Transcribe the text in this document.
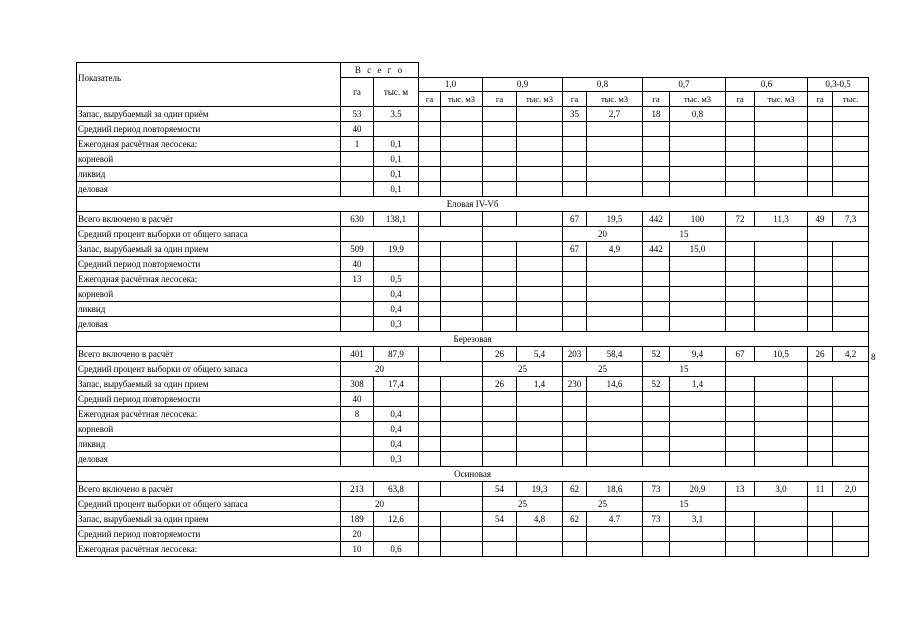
Показатель	В с е г о													
	га	тыс. м	1,0		0,9		0,8		0,7		0,6		0,3-0,5	
			га	тыс. м3	га	тыс. м3	га	тыс. м3	га	тыс. м3	га	тыс. м3	га	тыс.
Запас, вырубаемый за один приём	53	3.5					35	2,7	18	0,8				
Средний период повторяемости	40													
Ежегодная расчётная лесосека:	1	0,1												
корневой		0,1												
ликвид		0,1												
деловая		0,1												
Еловая IV-Vб														
Всего включено в расчёт	630	138,1					67	19,5	442	100	72	11,3	49	7,3
Средний процент выборки от общего запаса							20		15					
Запас, вырубаемый за один прием	509	19,9					67	4,9	442	15,0				
Средний период повторяемости	40													
Ежегодная расчётная лесосека:	13	0,5												
корневой		0,4												
ликвид		0,4												
деловая		0,3												
Березовая														
Всего включено в расчёт	401	87,9			26	5,4	203	58,4	52	9,4	67	10,5	26	4,2
Средний процент выборки от общего запаса	20				25		25		15					
Запас, вырубаемый за один прием	308	17,4			26	1,4	230	14,6	52	1,4				
Средний период повторяемости	40													
Ежегодная расчётная лесосека:	8	0,4												
корневой		0,4												
ликвид		0,4												
деловая		0,3												
Осиновая														
Всего включено в расчёт	213	63,8			54	19,3	62	18,6	73	20,9	13	3,0	11	2,0
Средний процент выборки от общего запаса	20				25		25		15					
Запас, вырубаемый за один прием	189	12,6			54	4,8	62	4.7	73	3,1				
Средний период повторяемости	20													
Ежегодная расчётная лесосека:	10	0,6												
8
